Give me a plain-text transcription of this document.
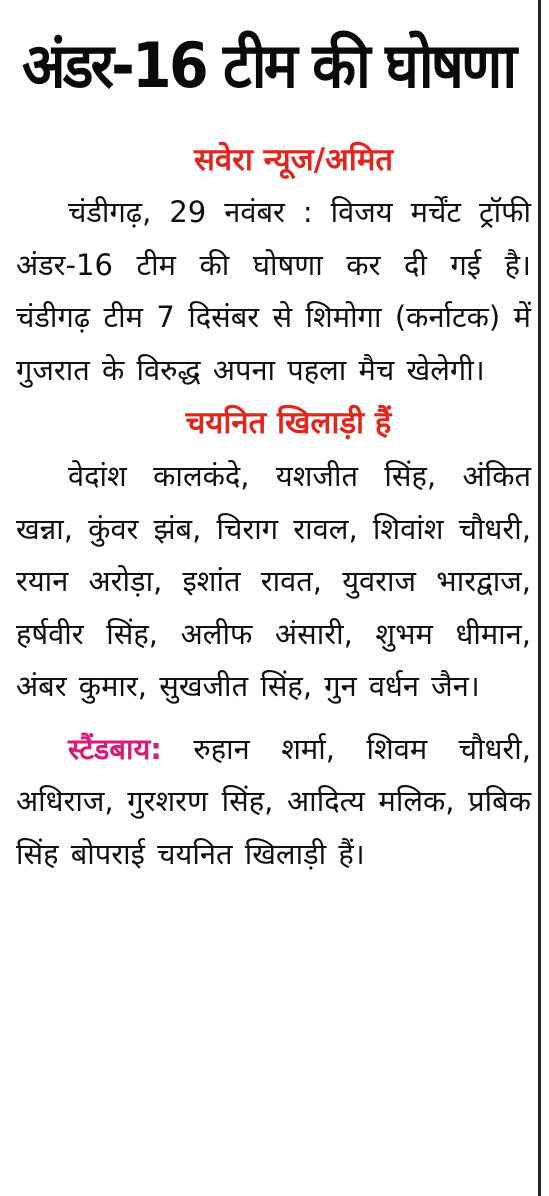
अंडर-16 टीम की घोषणा
सवेरा न्यूज/अमित

चंडीगढ़, 29 नवंबर : विजय मर्चेंट ट्रॉफी अंडर-16 टीम की घोषणा कर दी गई है। चंडीगढ़ टीम 7 दिसंबर से शिमोगा (कर्नाटक) में गुजरात के विरुद्ध अपना पहला मैच खेलेगी।

चयनित खिलाड़ी हैं

वेदांश कालकंदे, यशजीत सिंह, अंकित खन्ना, कुंवर झंब, चिराग रावल, शिवांश चौधरी, रयान अरोड़ा, इशांत रावत, युवराज भारद्वाज, हर्षवीर सिंह, अलीफ अंसारी, शुभम धीमान, अंबर कुमार, सुखजीत सिंह, गुन वर्धन जैन।

स्टैंडबाय: रुहान शर्मा, शिवम चौधरी, अधिराज, गुरशरण सिंह, आदित्य मलिक, प्रबिक सिंह बोपराई चयनित खिलाड़ी हैं।
